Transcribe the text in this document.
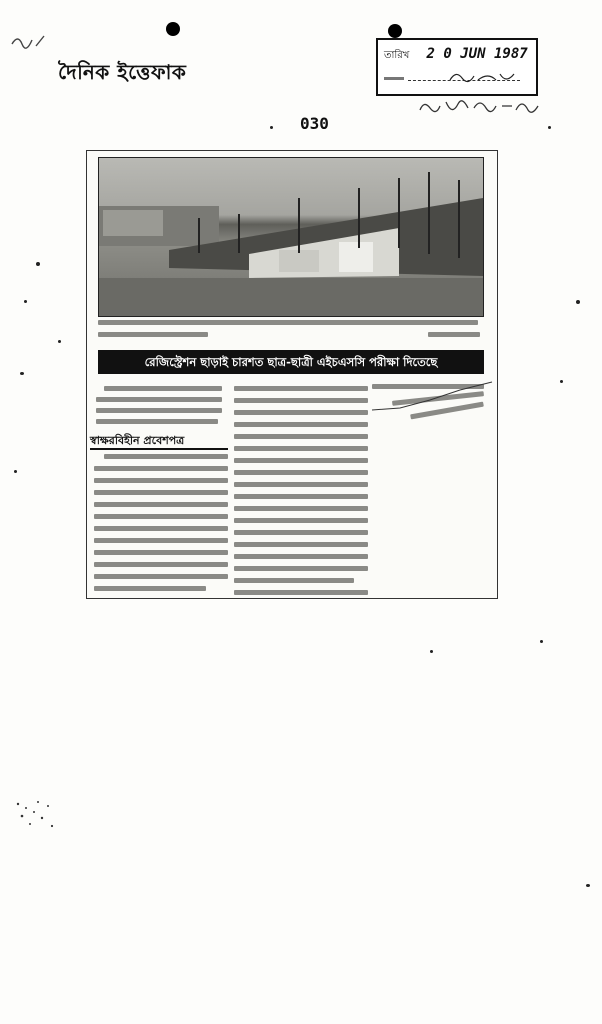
দৈনিক ইত্তেফাক
তারিখ 2 0 JUN 1987
030
রেজিস্ট্রেশন ছাড়াই চারশত ছাত্র-ছাত্রী এইচএসসি পরীক্ষা দিতেছে
স্বাক্ষরবিহীন প্রবেশপত্র
